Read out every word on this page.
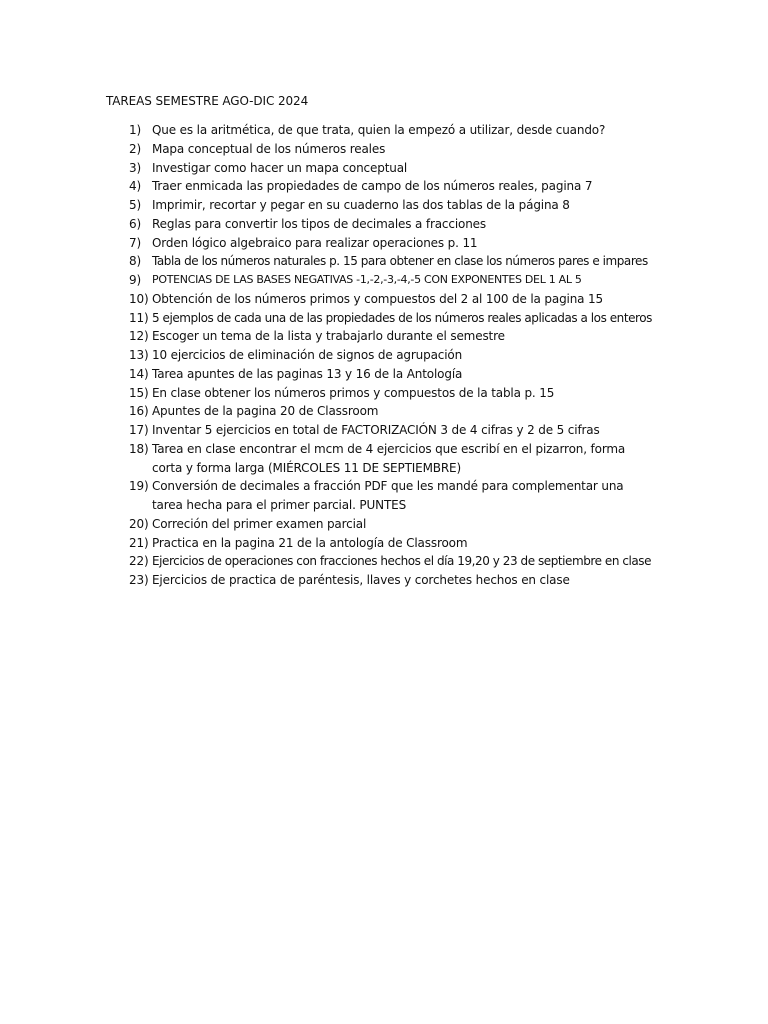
TAREAS SEMESTRE AGO-DIC 2024
1) Que es la aritmética, de que trata, quien la empezó a utilizar, desde cuando?
2) Mapa conceptual de los números reales
3) Investigar como hacer un mapa conceptual
4) Traer enmicada las propiedades de campo de los números reales, pagina 7
5) Imprimir, recortar y pegar en su cuaderno las dos tablas de la página 8
6) Reglas para convertir los tipos de decimales a fracciones
7) Orden lógico algebraico para realizar operaciones p. 11
8) Tabla de los números naturales p. 15 para obtener en clase los números pares e impares
9) POTENCIAS DE LAS BASES NEGATIVAS -1,-2,-3,-4,-5 CON EXPONENTES DEL 1 AL 5
10) Obtención de los números primos y compuestos del 2 al 100 de la pagina 15
11) 5 ejemplos de cada una de las propiedades de los números reales aplicadas a los enteros
12) Escoger un tema de la lista y trabajarlo durante el semestre
13) 10 ejercicios de eliminación de signos de agrupación
14) Tarea apuntes de las paginas 13 y 16 de la Antología
15) En clase obtener los números primos y compuestos de la tabla p. 15
16) Apuntes de la pagina 20 de Classroom
17) Inventar 5 ejercicios en total de FACTORIZACIÓN 3 de 4 cifras y 2 de 5 cifras
18) Tarea en clase encontrar el mcm de 4 ejercicios que escribí en el pizarron, forma corta y forma larga (MIÉRCOLES 11 DE SEPTIEMBRE)
19) Conversión de decimales a fracción PDF que les mandé para complementar una tarea hecha para el primer parcial. PUNTES
20) Correción del primer examen parcial
21) Practica en la pagina 21 de la antología de Classroom
22) Ejercicios de operaciones con fracciones hechos el día 19,20 y 23 de septiembre en clase
23) Ejercicios de practica de paréntesis, llaves y corchetes hechos en clase
